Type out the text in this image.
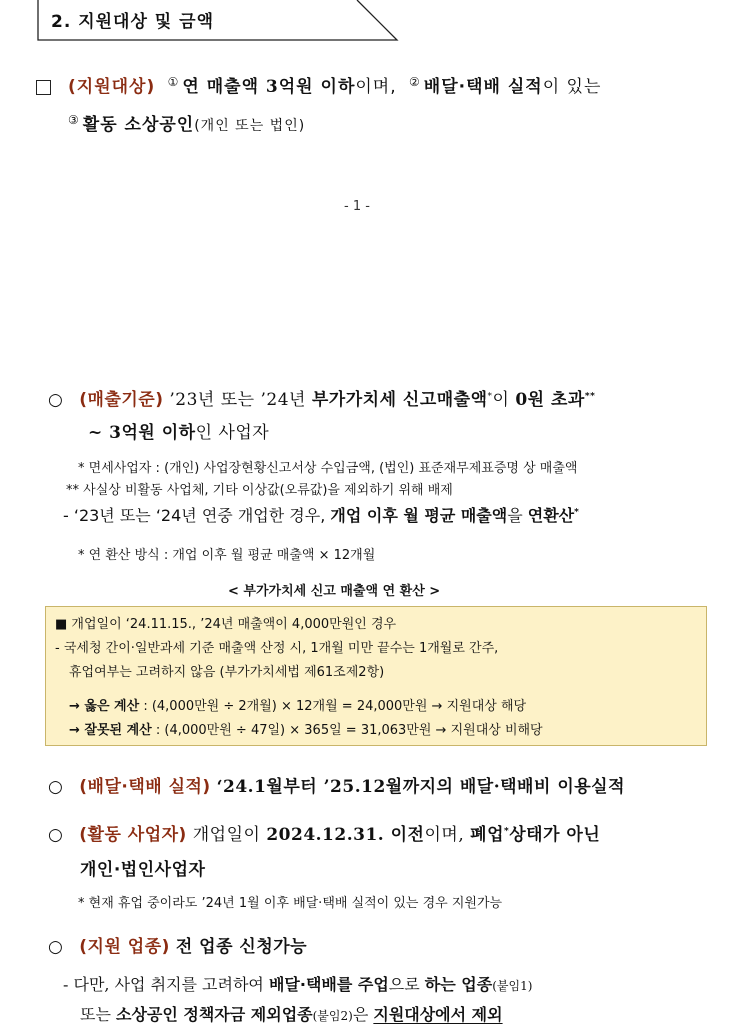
2. 지원대상 및 금액
(지원대상) ① 연 매출액 3억원 이하이며, ② 배달·택배 실적이 있는
③ 활동 소상공인(개인 또는 법인)
- 1 -
○ (매출기준) ’23년 또는 ’24년 부가가치세 신고매출액*이 0원 초과**
~ 3억원 이하인 사업자
* 면세사업자 : (개인) 사업장현황신고서상 수입금액, (법인) 표준재무제표증명 상 매출액
** 사실상 비활동 사업체, 기타 이상값(오류값)을 제외하기 위해 배제
- ‘23년 또는 ‘24년 연중 개업한 경우, 개업 이후 월 평균 매출액을 연환산*
* 연 환산 방식 : 개업 이후 월 평균 매출액 × 12개월
< 부가가치세 신고 매출액 연 환산 >
■ 개업일이 ‘24.11.15., ’24년 매출액이 4,000만원인 경우
- 국세청 간이·일반과세 기준 매출액 산정 시, 1개월 미만 끝수는 1개월로 간주,
휴업여부는 고려하지 않음 (부가가치세법 제61조제2항)
→ 옳은 계산 : (4,000만원 ÷ 2개월) × 12개월 = 24,000만원 → 지원대상 해당
→ 잘못된 계산 : (4,000만원 ÷ 47일) × 365일 = 31,063만원 → 지원대상 비해당
○ (배달·택배 실적) ‘24.1월부터 ’25.12월까지의 배달·택배비 이용실적
○ (활동 사업자) 개업일이 2024.12.31. 이전이며, 폐업*상태가 아닌
개인·법인사업자
* 현재 휴업 중이라도 ’24년 1월 이후 배달·택배 실적이 있는 경우 지원가능
○ (지원 업종) 전 업종 신청가능
- 다만, 사업 취지를 고려하여 배달·택배를 주업으로 하는 업종(붙임1)
또는 소상공인 정책자금 제외업종(붙임2)은 지원대상에서 제외
